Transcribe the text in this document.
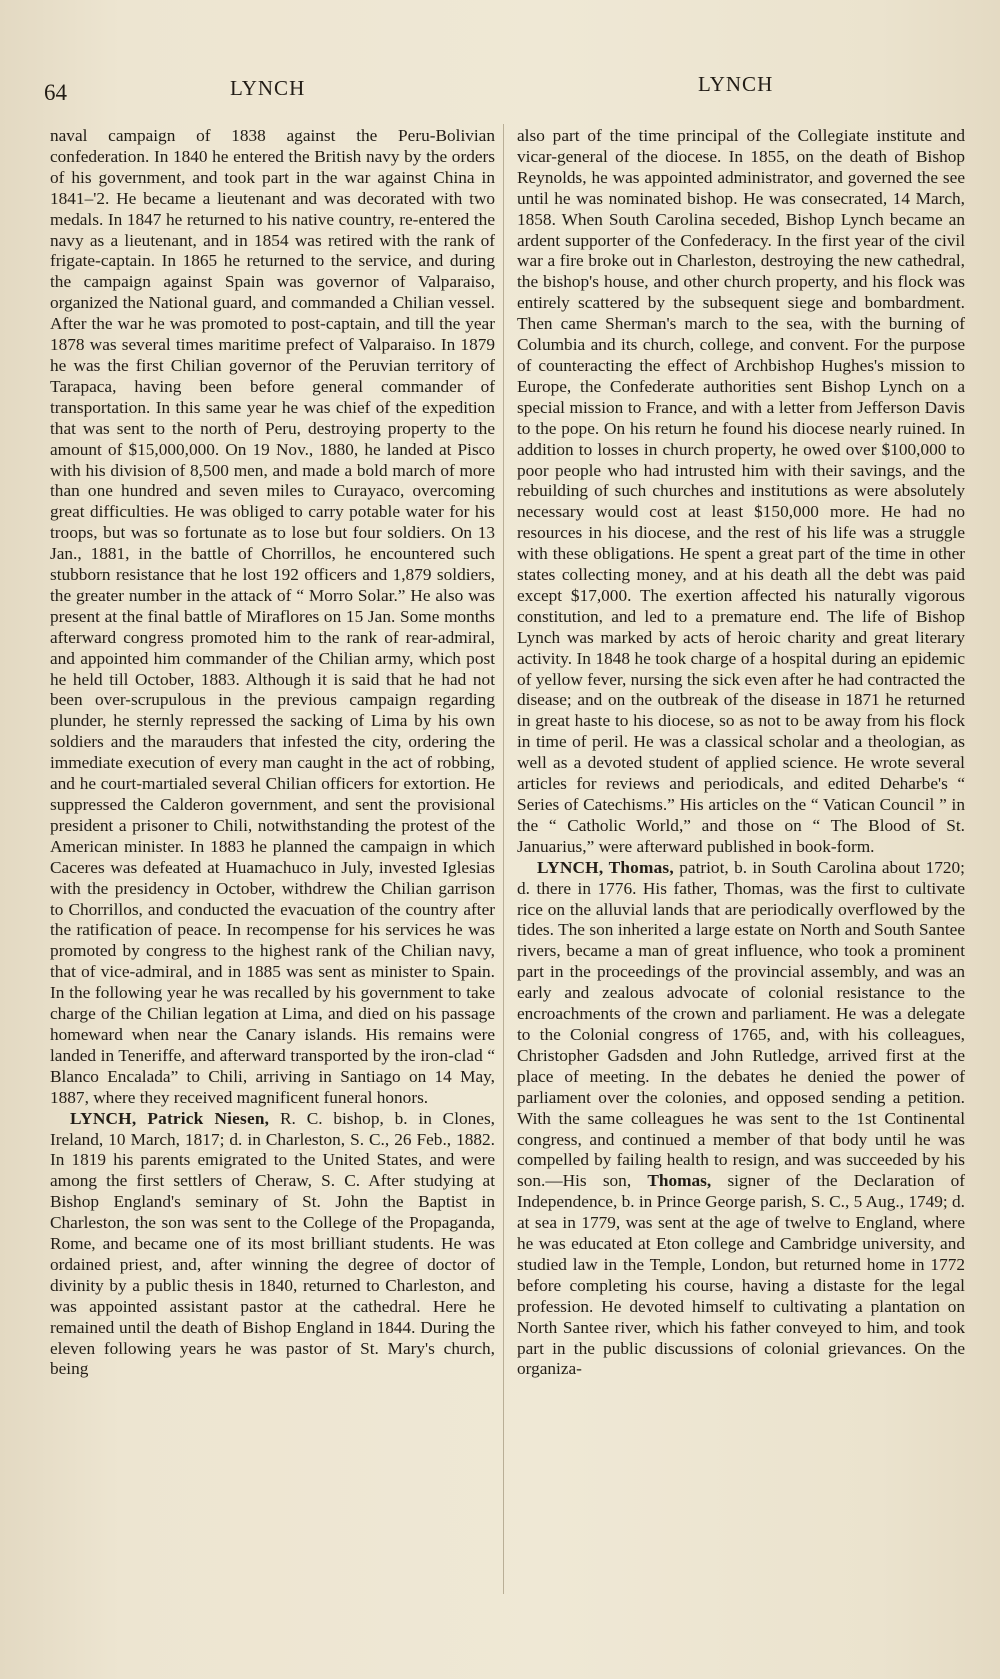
64	LYNCH	LYNCH

naval campaign of 1838 against the Peru-Bolivian confederation. In 1840 he entered the British navy by the orders of his government, and took part in the war against China in 1841–'2. He became a lieutenant and was decorated with two medals. In 1847 he returned to his native country, re-entered the navy as a lieutenant, and in 1854 was retired with the rank of frigate-captain. In 1865 he returned to the service, and during the campaign against Spain was governor of Valparaiso, organized the National guard, and commanded a Chilian vessel. After the war he was promoted to post-captain, and till the year 1878 was several times maritime prefect of Valparaiso. In 1879 he was the first Chilian governor of the Peruvian territory of Tarapaca, having been before general commander of transportation. In this same year he was chief of the expedition that was sent to the north of Peru, destroying property to the amount of $15,000,000. On 19 Nov., 1880, he landed at Pisco with his division of 8,500 men, and made a bold march of more than one hundred and seven miles to Curayaco, overcoming great difficulties. He was obliged to carry potable water for his troops, but was so fortunate as to lose but four soldiers. On 13 Jan., 1881, in the battle of Chorrillos, he encountered such stubborn resistance that he lost 192 officers and 1,879 soldiers, the greater number in the attack of “ Morro Solar.” He also was present at the final battle of Miraflores on 15 Jan. Some months afterward congress promoted him to the rank of rear-admiral, and appointed him commander of the Chilian army, which post he held till October, 1883. Although it is said that he had not been over-scrupulous in the previous campaign regarding plunder, he sternly repressed the sacking of Lima by his own soldiers and the marauders that infested the city, ordering the immediate execution of every man caught in the act of robbing, and he court-martialed several Chilian officers for extortion. He suppressed the Calderon government, and sent the provisional president a prisoner to Chili, notwithstanding the protest of the American minister. In 1883 he planned the campaign in which Caceres was defeated at Huamachuco in July, invested Iglesias with the presidency in October, withdrew the Chilian garrison to Chorrillos, and conducted the evacuation of the country after the ratification of peace. In recompense for his services he was promoted by congress to the highest rank of the Chilian navy, that of vice-admiral, and in 1885 was sent as minister to Spain. In the following year he was recalled by his government to take charge of the Chilian legation at Lima, and died on his passage homeward when near the Canary islands. His remains were landed in Teneriffe, and afterward transported by the iron-clad “ Blanco Encalada” to Chili, arriving in Santiago on 14 May, 1887, where they received magnificent funeral honors.

LYNCH, Patrick Niesen, R. C. bishop, b. in Clones, Ireland, 10 March, 1817; d. in Charleston, S. C., 26 Feb., 1882. In 1819 his parents emigrated to the United States, and were among the first settlers of Cheraw, S. C. After studying at Bishop England's seminary of St. John the Baptist in Charleston, the son was sent to the College of the Propaganda, Rome, and became one of its most brilliant students. He was ordained priest, and, after winning the degree of doctor of divinity by a public thesis in 1840, returned to Charleston, and was appointed assistant pastor at the cathedral. Here he remained until the death of Bishop England in 1844. During the eleven following years he was pastor of St. Mary's church, being

also part of the time principal of the Collegiate institute and vicar-general of the diocese. In 1855, on the death of Bishop Reynolds, he was appointed administrator, and governed the see until he was nominated bishop. He was consecrated, 14 March, 1858. When South Carolina seceded, Bishop Lynch became an ardent supporter of the Confederacy. In the first year of the civil war a fire broke out in Charleston, destroying the new cathedral, the bishop's house, and other church property, and his flock was entirely scattered by the subsequent siege and bombardment. Then came Sherman's march to the sea, with the burning of Columbia and its church, college, and convent. For the purpose of counteracting the effect of Archbishop Hughes's mission to Europe, the Confederate authorities sent Bishop Lynch on a special mission to France, and with a letter from Jefferson Davis to the pope. On his return he found his diocese nearly ruined. In addition to losses in church property, he owed over $100,000 to poor people who had intrusted him with their savings, and the rebuilding of such churches and institutions as were absolutely necessary would cost at least $150,000 more. He had no resources in his diocese, and the rest of his life was a struggle with these obligations. He spent a great part of the time in other states collecting money, and at his death all the debt was paid except $17,000. The exertion affected his naturally vigorous constitution, and led to a premature end. The life of Bishop Lynch was marked by acts of heroic charity and great literary activity. In 1848 he took charge of a hospital during an epidemic of yellow fever, nursing the sick even after he had contracted the disease; and on the outbreak of the disease in 1871 he returned in great haste to his diocese, so as not to be away from his flock in time of peril. He was a classical scholar and a theologian, as well as a devoted student of applied science. He wrote several articles for reviews and periodicals, and edited Deharbe's “ Series of Catechisms.” His articles on the “ Vatican Council ” in the “ Catholic World,” and those on “ The Blood of St. Januarius,” were afterward published in book-form.

LYNCH, Thomas, patriot, b. in South Carolina about 1720; d. there in 1776. His father, Thomas, was the first to cultivate rice on the alluvial lands that are periodically overflowed by the tides. The son inherited a large estate on North and South Santee rivers, became a man of great influence, who took a prominent part in the proceedings of the provincial assembly, and was an early and zealous advocate of colonial resistance to the encroachments of the crown and parliament. He was a delegate to the Colonial congress of 1765, and, with his colleagues, Christopher Gadsden and John Rutledge, arrived first at the place of meeting. In the debates he denied the power of parliament over the colonies, and opposed sending a petition. With the same colleagues he was sent to the 1st Continental congress, and continued a member of that body until he was compelled by failing health to resign, and was succeeded by his son.—His son, Thomas, signer of the Declaration of Independence, b. in Prince George parish, S. C., 5 Aug., 1749; d. at sea in 1779, was sent at the age of twelve to England, where he was educated at Eton college and Cambridge university, and studied law in the Temple, London, but returned home in 1772 before completing his course, having a distaste for the legal profession. He devoted himself to cultivating a plantation on North Santee river, which his father conveyed to him, and took part in the public discussions of colonial grievances. On the organiza-
